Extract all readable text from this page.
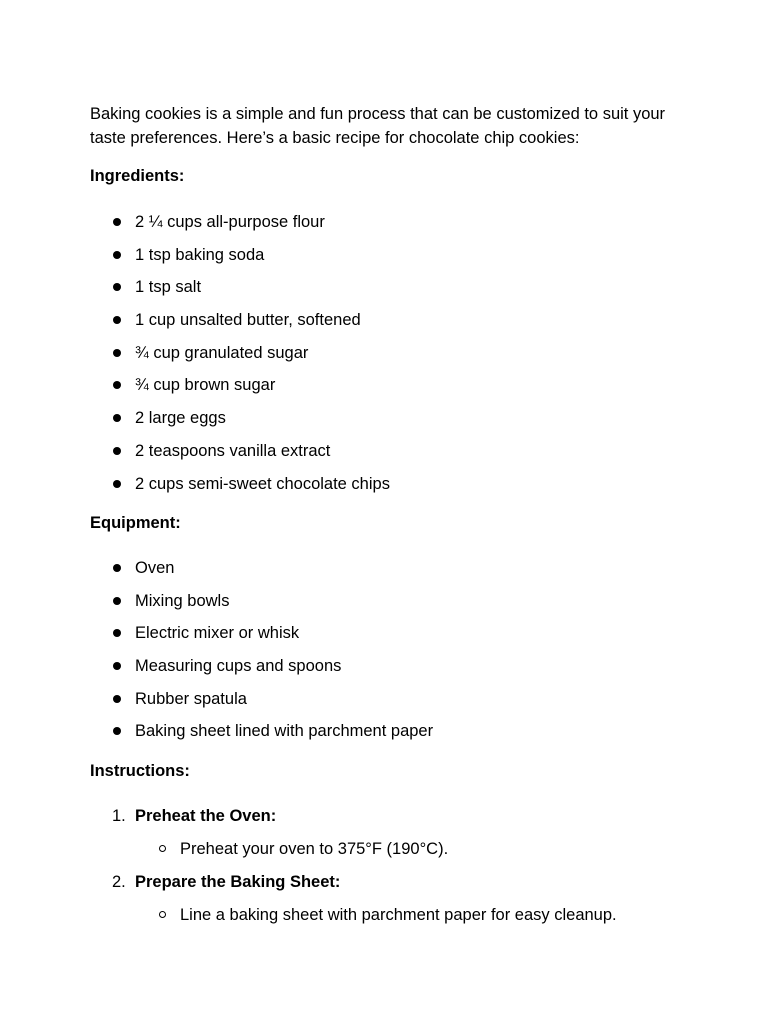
Baking cookies is a simple and fun process that can be customized to suit your taste preferences. Here’s a basic recipe for chocolate chip cookies:

Ingredients:

2 ¼ cups all-purpose flour
1 tsp baking soda
1 tsp salt
1 cup unsalted butter, softened
¾ cup granulated sugar
¾ cup brown sugar
2 large eggs
2 teaspoons vanilla extract
2 cups semi-sweet chocolate chips

Equipment:

Oven
Mixing bowls
Electric mixer or whisk
Measuring cups and spoons
Rubber spatula
Baking sheet lined with parchment paper

Instructions:

1. Preheat the Oven:
Preheat your oven to 375°F (190°C).
2. Prepare the Baking Sheet:
Line a baking sheet with parchment paper for easy cleanup.
